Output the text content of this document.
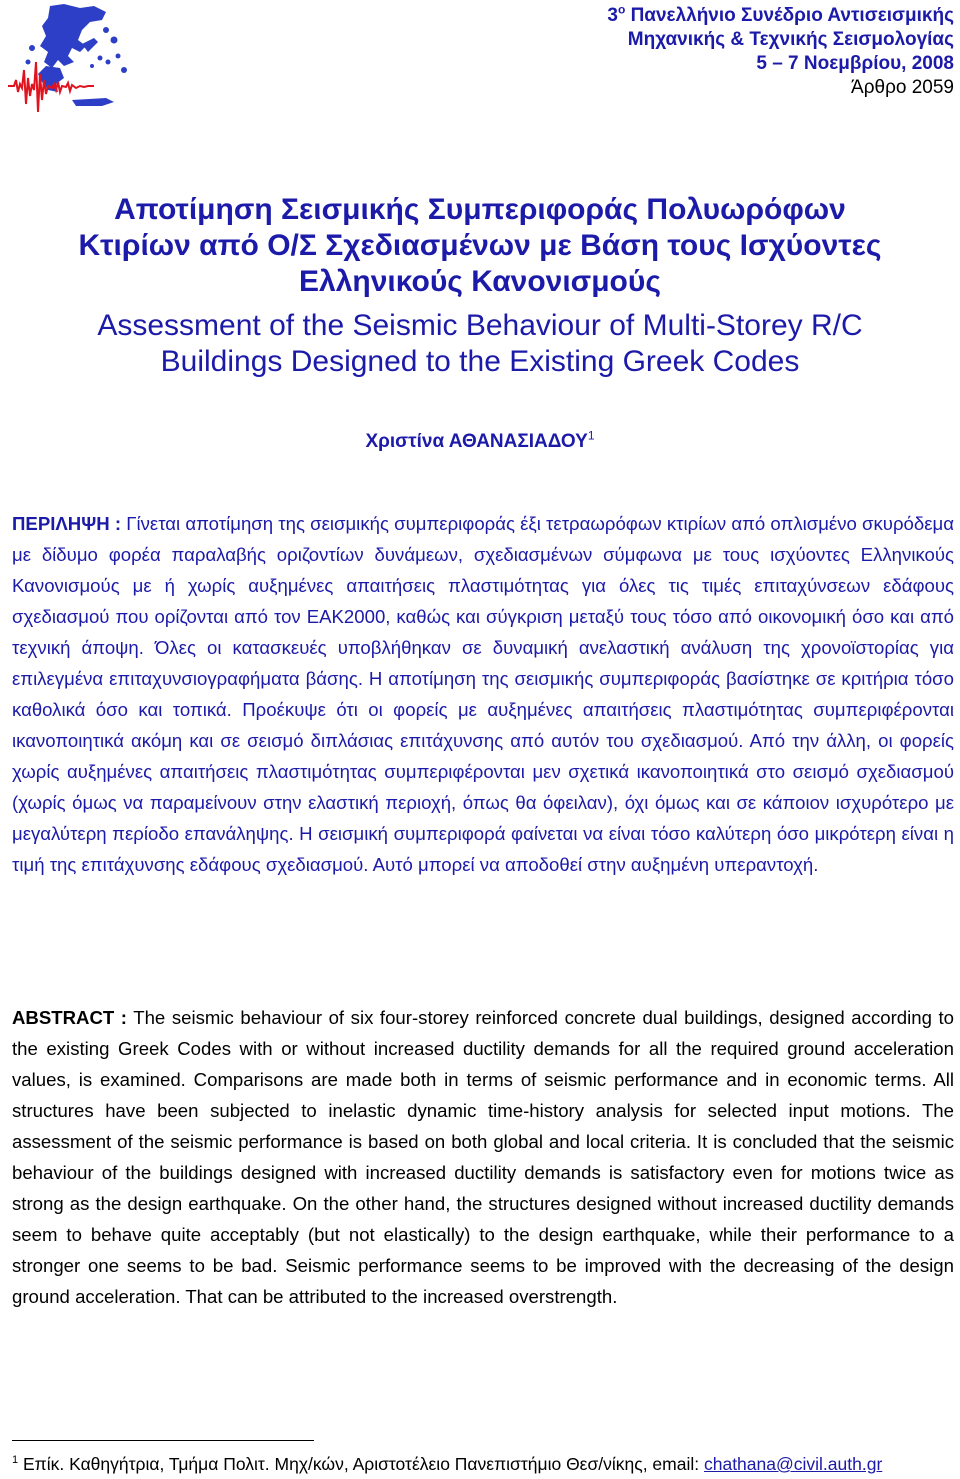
$3^o$ Πανελλήνιο Συνέδριο Αντισεισμικής
Μηχανικής & Τεχνικής Σεισμολογίας
5 – 7 Νοεμβρίου, 2008
Άρθρο 2059
Αποτίμηση Σεισμικής Συμπεριφοράς Πολυωρόφων
Κτιρίων από Ο/Σ Σχεδιασμένων με Βάση τους Ισχύοντες
Ελληνικούς Κανονισμούς
Assessment of the Seismic Behaviour of Multi-Storey R/C
Buildings Designed to the Existing Greek Codes
Χριστίνα ΑΘΑΝΑΣΙΑΔΟΥ$^1$
ΠΕΡΙΛΗΨΗ : Γίνεται αποτίμηση της σεισμικής συμπεριφοράς έξι τετραωρόφων κτιρίων από οπλισμένο σκυρόδεμα με δίδυμο φορέα παραλαβής οριζοντίων δυνάμεων, σχεδιασμένων σύμφωνα με τους ισχύοντες Ελληνικούς Κανονισμούς με ή χωρίς αυξημένες απαιτήσεις πλαστιμότητας για όλες τις τιμές επιταχύνσεων εδάφους σχεδιασμού που ορίζονται από τον ΕΑΚ2000, καθώς και σύγκριση μεταξύ τους τόσο από οικονομική όσο και από τεχνική άποψη. Όλες οι κατασκευές υποβλήθηκαν σε δυναμική ανελαστική ανάλυση της χρονοϊστορίας για επιλεγμένα επιταχυνσιογραφήματα βάσης. Η αποτίμηση της σεισμικής συμπεριφοράς βασίστηκε σε κριτήρια τόσο καθολικά όσο και τοπικά. Προέκυψε ότι οι φορείς με αυξημένες απαιτήσεις πλαστιμότητας συμπεριφέρονται ικανοποιητικά ακόμη και σε σεισμό διπλάσιας επιτάχυνσης από αυτόν του σχεδιασμού. Από την άλλη, οι φορείς χωρίς αυξημένες απαιτήσεις πλαστιμότητας συμπεριφέρονται μεν σχετικά ικανοποιητικά στο σεισμό σχεδιασμού (χωρίς όμως να παραμείνουν στην ελαστική περιοχή, όπως θα όφειλαν), όχι όμως και σε κάποιον ισχυρότερο με μεγαλύτερη περίοδο επανάληψης. Η σεισμική συμπεριφορά φαίνεται να είναι τόσο καλύτερη όσο μικρότερη είναι η τιμή της επιτάχυνσης εδάφους σχεδιασμού. Αυτό μπορεί να αποδοθεί στην αυξημένη υπεραντοχή.
ABSTRACT : The seismic behaviour of six four-storey reinforced concrete dual buildings, designed according to the existing Greek Codes with or without increased ductility demands for all the required ground acceleration values, is examined. Comparisons are made both in terms of seismic performance and in economic terms. All structures have been subjected to inelastic dynamic time-history analysis for selected input motions. The assessment of the seismic performance is based on both global and local criteria. It is concluded that the seismic behaviour of the buildings designed with increased ductility demands is satisfactory even for motions twice as strong as the design earthquake. On the other hand, the structures designed without increased ductility demands seem to behave quite acceptably (but not elastically) to the design earthquake, while their performance to a stronger one seems to be bad. Seismic performance seems to be improved with the decreasing of the design ground acceleration. That can be attributed to the increased overstrength.
$^1$ Επίκ. Καθηγήτρια, Τμήμα Πολιτ. Μηχ/κών, Αριστοτέλειο Πανεπιστήμιο Θεσ/νίκης, email: chathana@civil.auth.gr
